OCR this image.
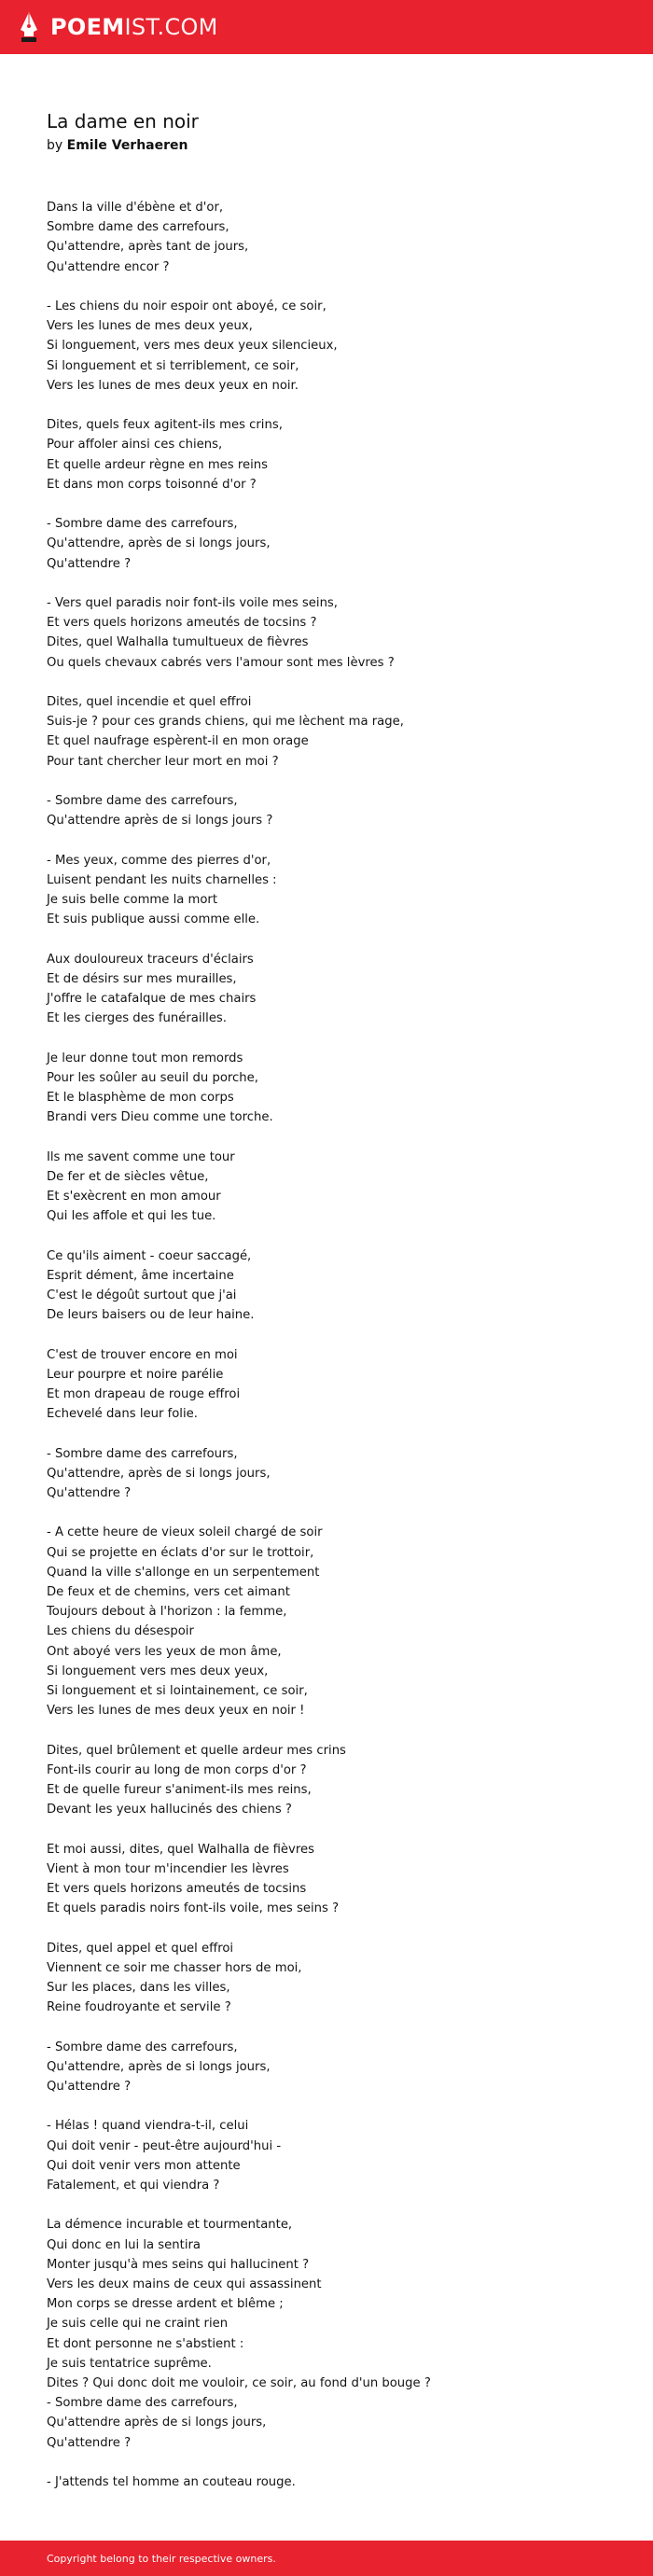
POEMIST.COM
La dame en noir
by Emile Verhaeren
Dans la ville d'ébène et d'or,
Sombre dame des carrefours,
Qu'attendre, après tant de jours,
Qu'attendre encor ?
- Les chiens du noir espoir ont aboyé, ce soir,
Vers les lunes de mes deux yeux,
Si longuement, vers mes deux yeux silencieux,
Si longuement et si terriblement, ce soir,
Vers les lunes de mes deux yeux en noir.
Dites, quels feux agitent-ils mes crins,
Pour affoler ainsi ces chiens,
Et quelle ardeur règne en mes reins
Et dans mon corps toisonné d'or ?
- Sombre dame des carrefours,
Qu'attendre, après de si longs jours,
Qu'attendre ?
- Vers quel paradis noir font-ils voile mes seins,
Et vers quels horizons ameutés de tocsins ?
Dites, quel Walhalla tumultueux de fièvres
Ou quels chevaux cabrés vers l'amour sont mes lèvres ?
Dites, quel incendie et quel effroi
Suis-je ? pour ces grands chiens, qui me lèchent ma rage,
Et quel naufrage espèrent-il en mon orage
Pour tant chercher leur mort en moi ?
- Sombre dame des carrefours,
Qu'attendre après de si longs jours ?
- Mes yeux, comme des pierres d'or,
Luisent pendant les nuits charnelles :
Je suis belle comme la mort
Et suis publique aussi comme elle.
Aux douloureux traceurs d'éclairs
Et de désirs sur mes murailles,
J'offre le catafalque de mes chairs
Et les cierges des funérailles.
Je leur donne tout mon remords
Pour les soûler au seuil du porche,
Et le blasphème de mon corps
Brandi vers Dieu comme une torche.
Ils me savent comme une tour
De fer et de siècles vêtue,
Et s'exècrent en mon amour
Qui les affole et qui les tue.
Ce qu'ils aiment - coeur saccagé,
Esprit dément, âme incertaine
C'est le dégoût surtout que j'ai
De leurs baisers ou de leur haine.
C'est de trouver encore en moi
Leur pourpre et noire parélie
Et mon drapeau de rouge effroi
Echevelé dans leur folie.
- Sombre dame des carrefours,
Qu'attendre, après de si longs jours,
Qu'attendre ?
- A cette heure de vieux soleil chargé de soir
Qui se projette en éclats d'or sur le trottoir,
Quand la ville s'allonge en un serpentement
De feux et de chemins, vers cet aimant
Toujours debout à l'horizon : la femme,
Les chiens du désespoir
Ont aboyé vers les yeux de mon âme,
Si longuement vers mes deux yeux,
Si longuement et si lointainement, ce soir,
Vers les lunes de mes deux yeux en noir !
Dites, quel brûlement et quelle ardeur mes crins
Font-ils courir au long de mon corps d'or ?
Et de quelle fureur s'animent-ils mes reins,
Devant les yeux hallucinés des chiens ?
Et moi aussi, dites, quel Walhalla de fièvres
Vient à mon tour m'incendier les lèvres
Et vers quels horizons ameutés de tocsins
Et quels paradis noirs font-ils voile, mes seins ?
Dites, quel appel et quel effroi
Viennent ce soir me chasser hors de moi,
Sur les places, dans les villes,
Reine foudroyante et servile ?
- Sombre dame des carrefours,
Qu'attendre, après de si longs jours,
Qu'attendre ?
- Hélas ! quand viendra-t-il, celui
Qui doit venir - peut-être aujourd'hui -
Qui doit venir vers mon attente
Fatalement, et qui viendra ?
La démence incurable et tourmentante,
Qui donc en lui la sentira
Monter jusqu'à mes seins qui hallucinent ?
Vers les deux mains de ceux qui assassinent
Mon corps se dresse ardent et blême ;
Je suis celle qui ne craint rien
Et dont personne ne s'abstient :
Je suis tentatrice suprême.
Dites ? Qui donc doit me vouloir, ce soir, au fond d'un bouge ?
- Sombre dame des carrefours,
Qu'attendre après de si longs jours,
Qu'attendre ?
- J'attends tel homme an couteau rouge.
Copyright belong to their respective owners.
